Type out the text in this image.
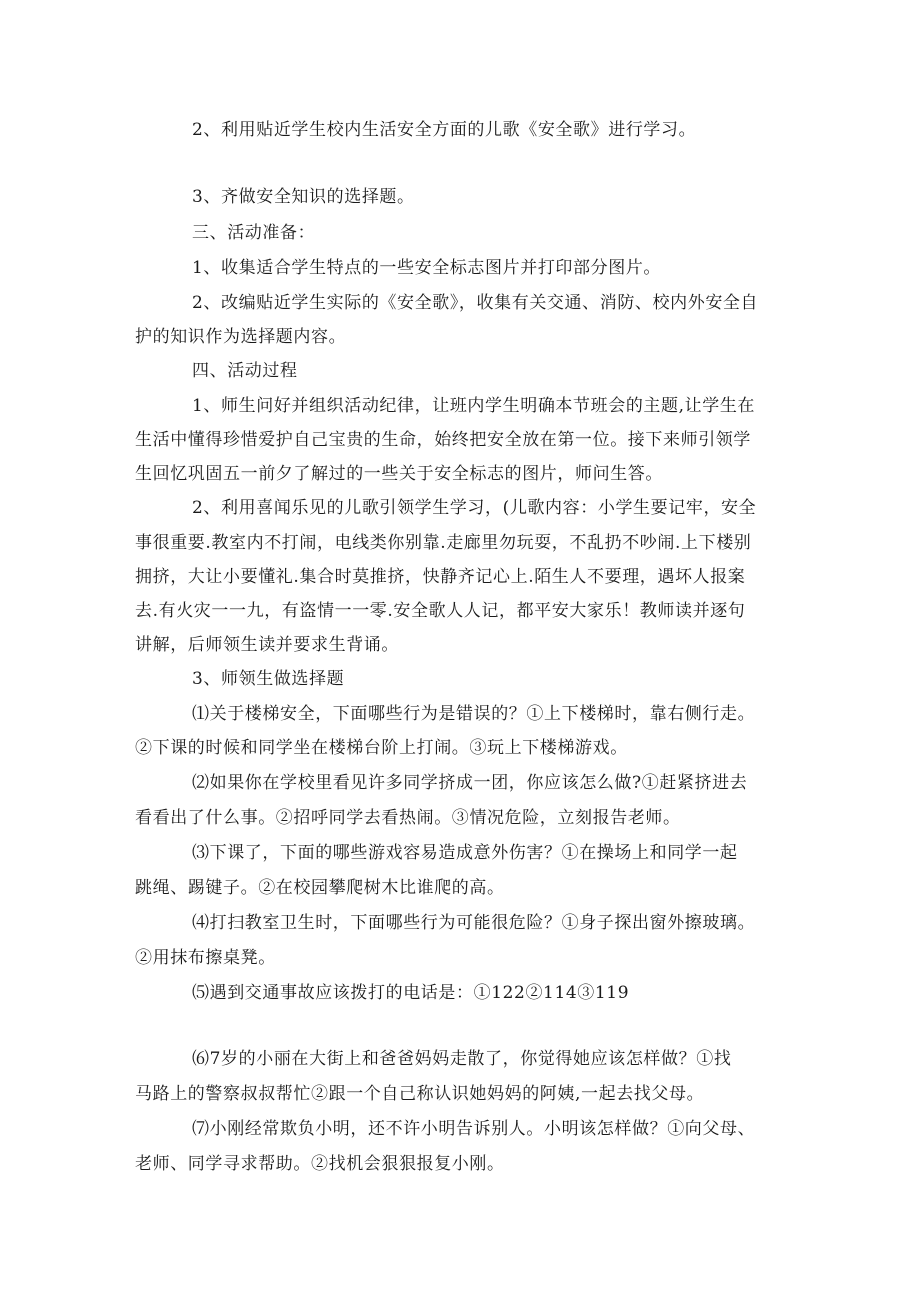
2、利用贴近学生校内生活安全方面的儿歌《安全歌》进行学习。
3、齐做安全知识的选择题。
三、活动准备：
1、收集适合学生特点的一些安全标志图片并打印部分图片。
2、改编贴近学生实际的《安全歌》，收集有关交通、消防、校内外安全自
护的知识作为选择题内容。
四、活动过程
1、师生问好并组织活动纪律，让班内学生明确本节班会的主题,让学生在
生活中懂得珍惜爱护自己宝贵的生命，始终把安全放在第一位。接下来师引领学
生回忆巩固五一前夕了解过的一些关于安全标志的图片，师问生答。
2、利用喜闻乐见的儿歌引领学生学习，(儿歌内容：小学生要记牢，安全
事很重要.教室内不打闹，电线类你别靠.走廊里勿玩耍，不乱扔不吵闹.上下楼别
拥挤，大让小要懂礼.集合时莫推挤，快静齐记心上.陌生人不要理，遇坏人报案
去.有火灾一一九，有盗情一一零.安全歌人人记，都平安大家乐！教师读并逐句
讲解，后师领生读并要求生背诵。
3、师领生做选择题
⑴关于楼梯安全，下面哪些行为是错误的？①上下楼梯时，靠右侧行走。
②下课的时候和同学坐在楼梯台阶上打闹。③玩上下楼梯游戏。
⑵如果你在学校里看见许多同学挤成一团，你应该怎么做?①赶紧挤进去
看看出了什么事。②招呼同学去看热闹。③情况危险，立刻报告老师。
⑶下课了，下面的哪些游戏容易造成意外伤害？①在操场上和同学一起
跳绳、踢键子。②在校园攀爬树木比谁爬的高。
⑷打扫教室卫生时，下面哪些行为可能很危险？①身子探出窗外擦玻璃。
②用抹布擦桌凳。
⑸遇到交通事故应该拨打的电话是：①122②114③119
⑹7岁的小丽在大街上和爸爸妈妈走散了，你觉得她应该怎样做？①找
马路上的警察叔叔帮忙②跟一个自己称认识她妈妈的阿姨,一起去找父母。
⑺小刚经常欺负小明，还不许小明告诉别人。小明该怎样做？①向父母、
老师、同学寻求帮助。②找机会狠狠报复小刚。
